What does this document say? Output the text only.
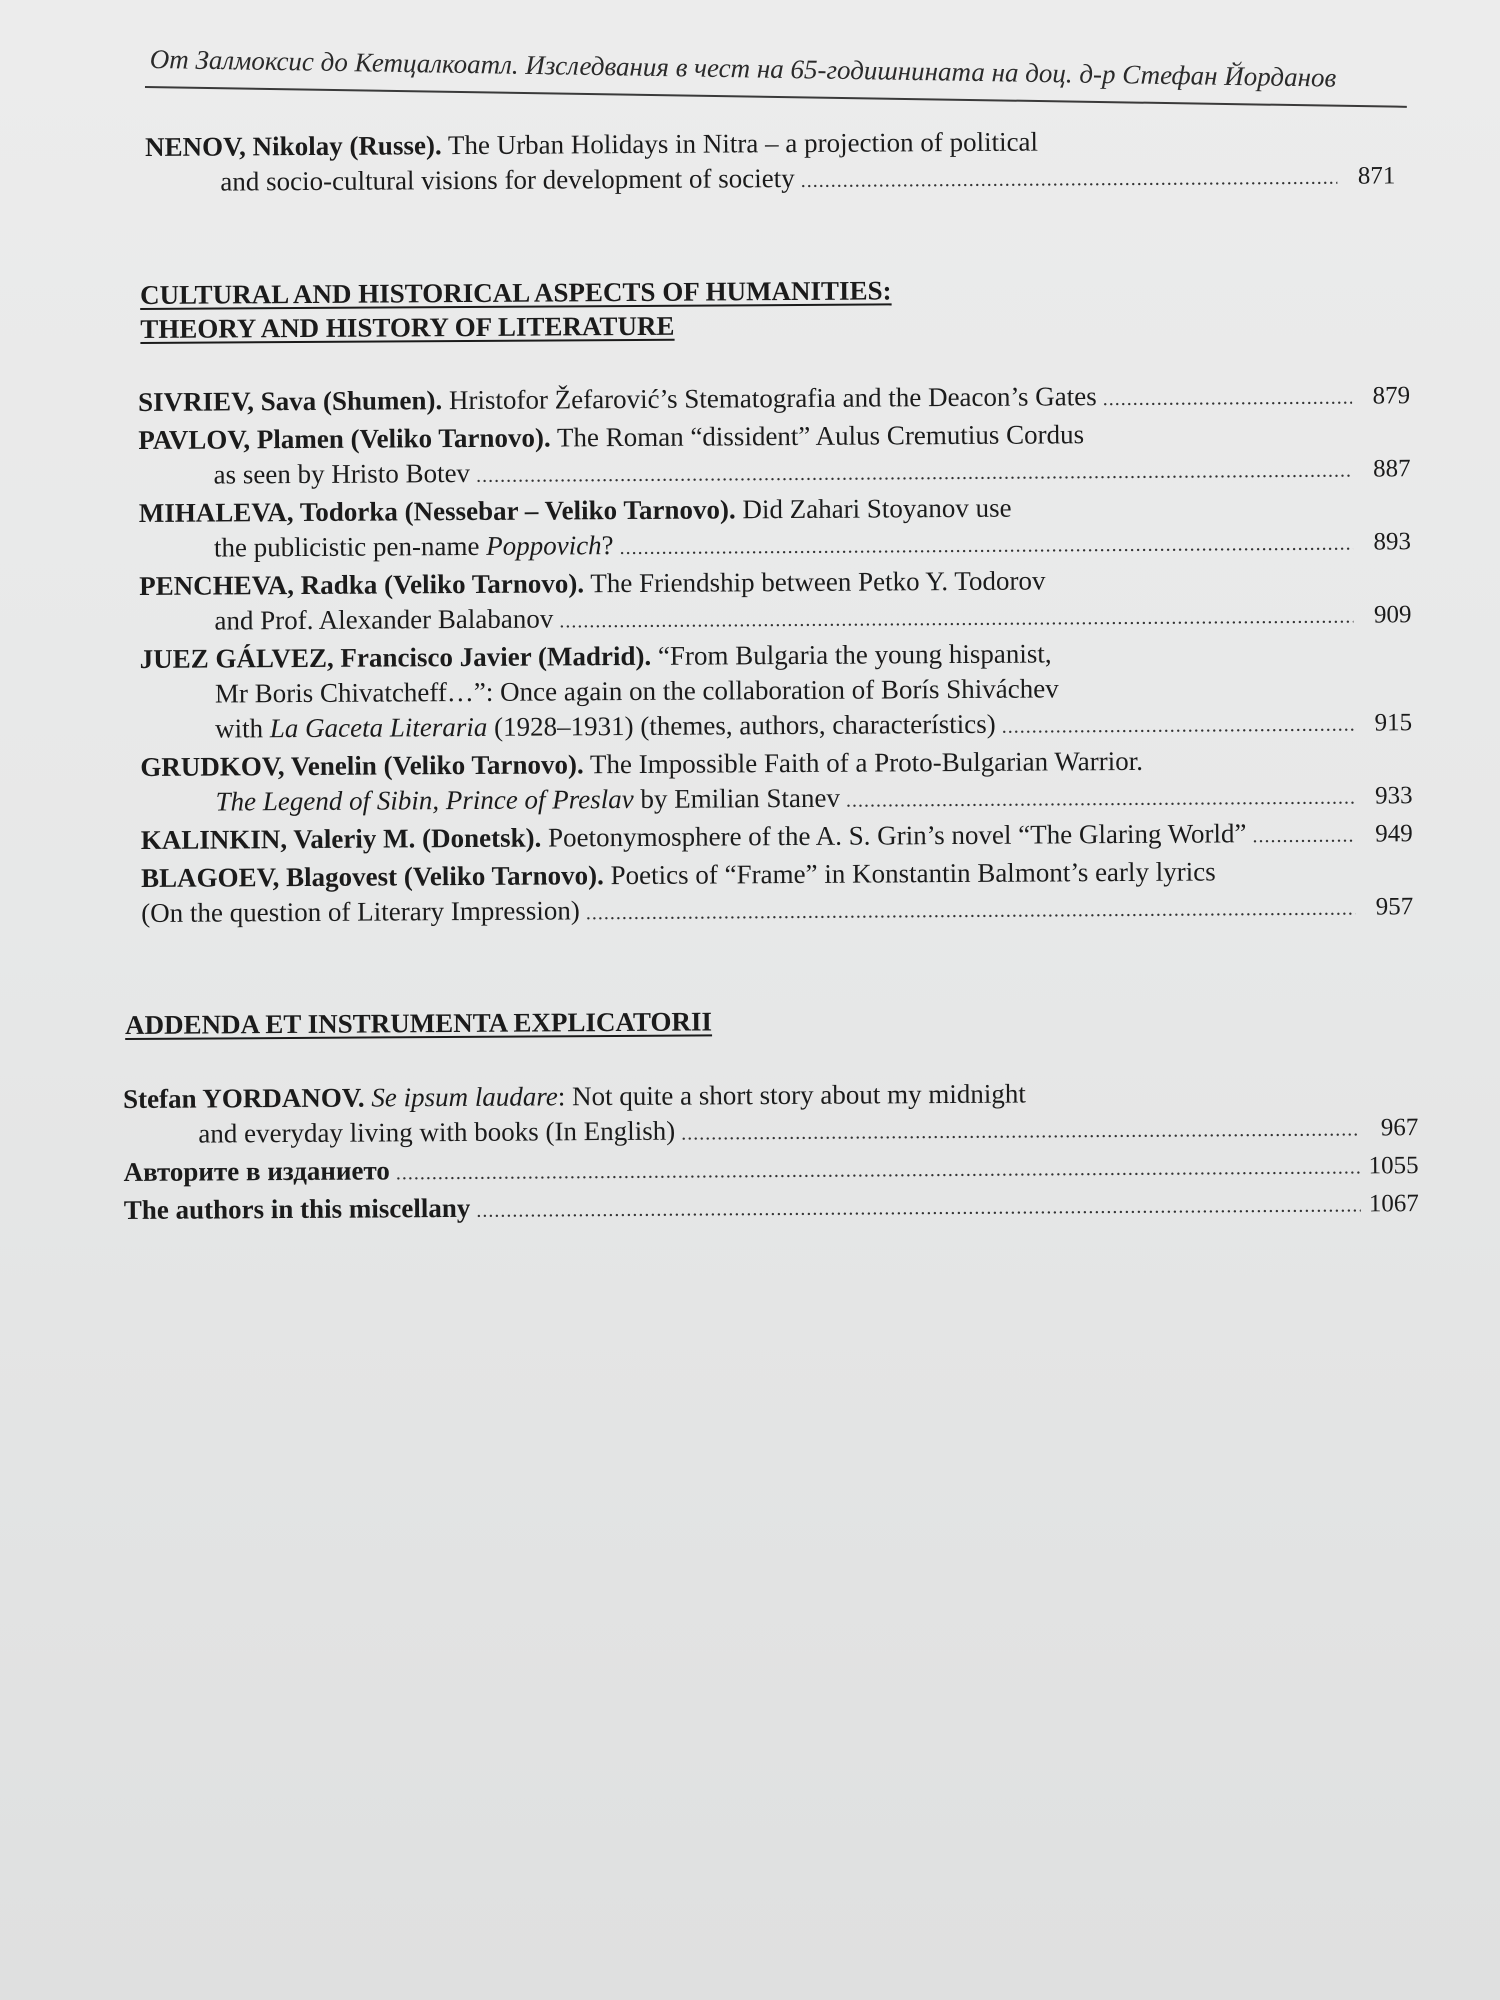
От Залмоксис до Кетцалкоатл. Изследвания в чест на 65-годишнината на доц. д-р Стефан Йорданов
NENOV, Nikolay (Russe). The Urban Holidays in Nitra – a projection of political
and socio-cultural visions for development of society .....	871
CULTURAL AND HISTORICAL ASPECTS OF HUMANITIES:
THEORY AND HISTORY OF LITERATURE
SIVRIEV, Sava (Shumen). Hristofor Žefarović’s Stematografia and the Deacon’s Gates .....	879
PAVLOV, Plamen (Veliko Tarnovo). The Roman “dissident” Aulus Cremutius Cordus
as seen by Hristo Botev .....	887
MIHALEVA, Todorka (Nessebar – Veliko Tarnovo). Did Zahari Stoyanov use
the publicistic pen-name Poppovich? .....	893
PENCHEVA, Radka (Veliko Tarnovo). The Friendship between Petko Y. Todorov
and Prof. Alexander Balabanov .....	909
JUEZ GÁLVEZ, Francisco Javier (Madrid). “From Bulgaria the young hispanist,
Mr Boris Chivatcheff…”: Once again on the collaboration of Borís Shiváchev
with La Gaceta Literaria (1928–1931) (themes, authors, characterístics) .....	915
GRUDKOV, Venelin (Veliko Tarnovo). The Impossible Faith of a Proto-Bulgarian Warrior.
The Legend of Sibin, Prince of Preslav by Emilian Stanev .....	933
KALINKIN, Valeriy M. (Donetsk). Poetonymosphere of the A. S. Grin’s novel “The Glaring World” .....	949
BLAGOEV, Blagovest (Veliko Tarnovo). Poetics of “Frame” in Konstantin Balmont’s early lyrics
(On the question of Literary Impression) .....	957
ADDENDA ET INSTRUMENTA EXPLICATORII
Stefan YORDANOV. Se ipsum laudare: Not quite a short story about my midnight
and everyday living with books (In English) .....	967
Авторите в изданието .....	1055
The authors in this miscellany .....	1067
